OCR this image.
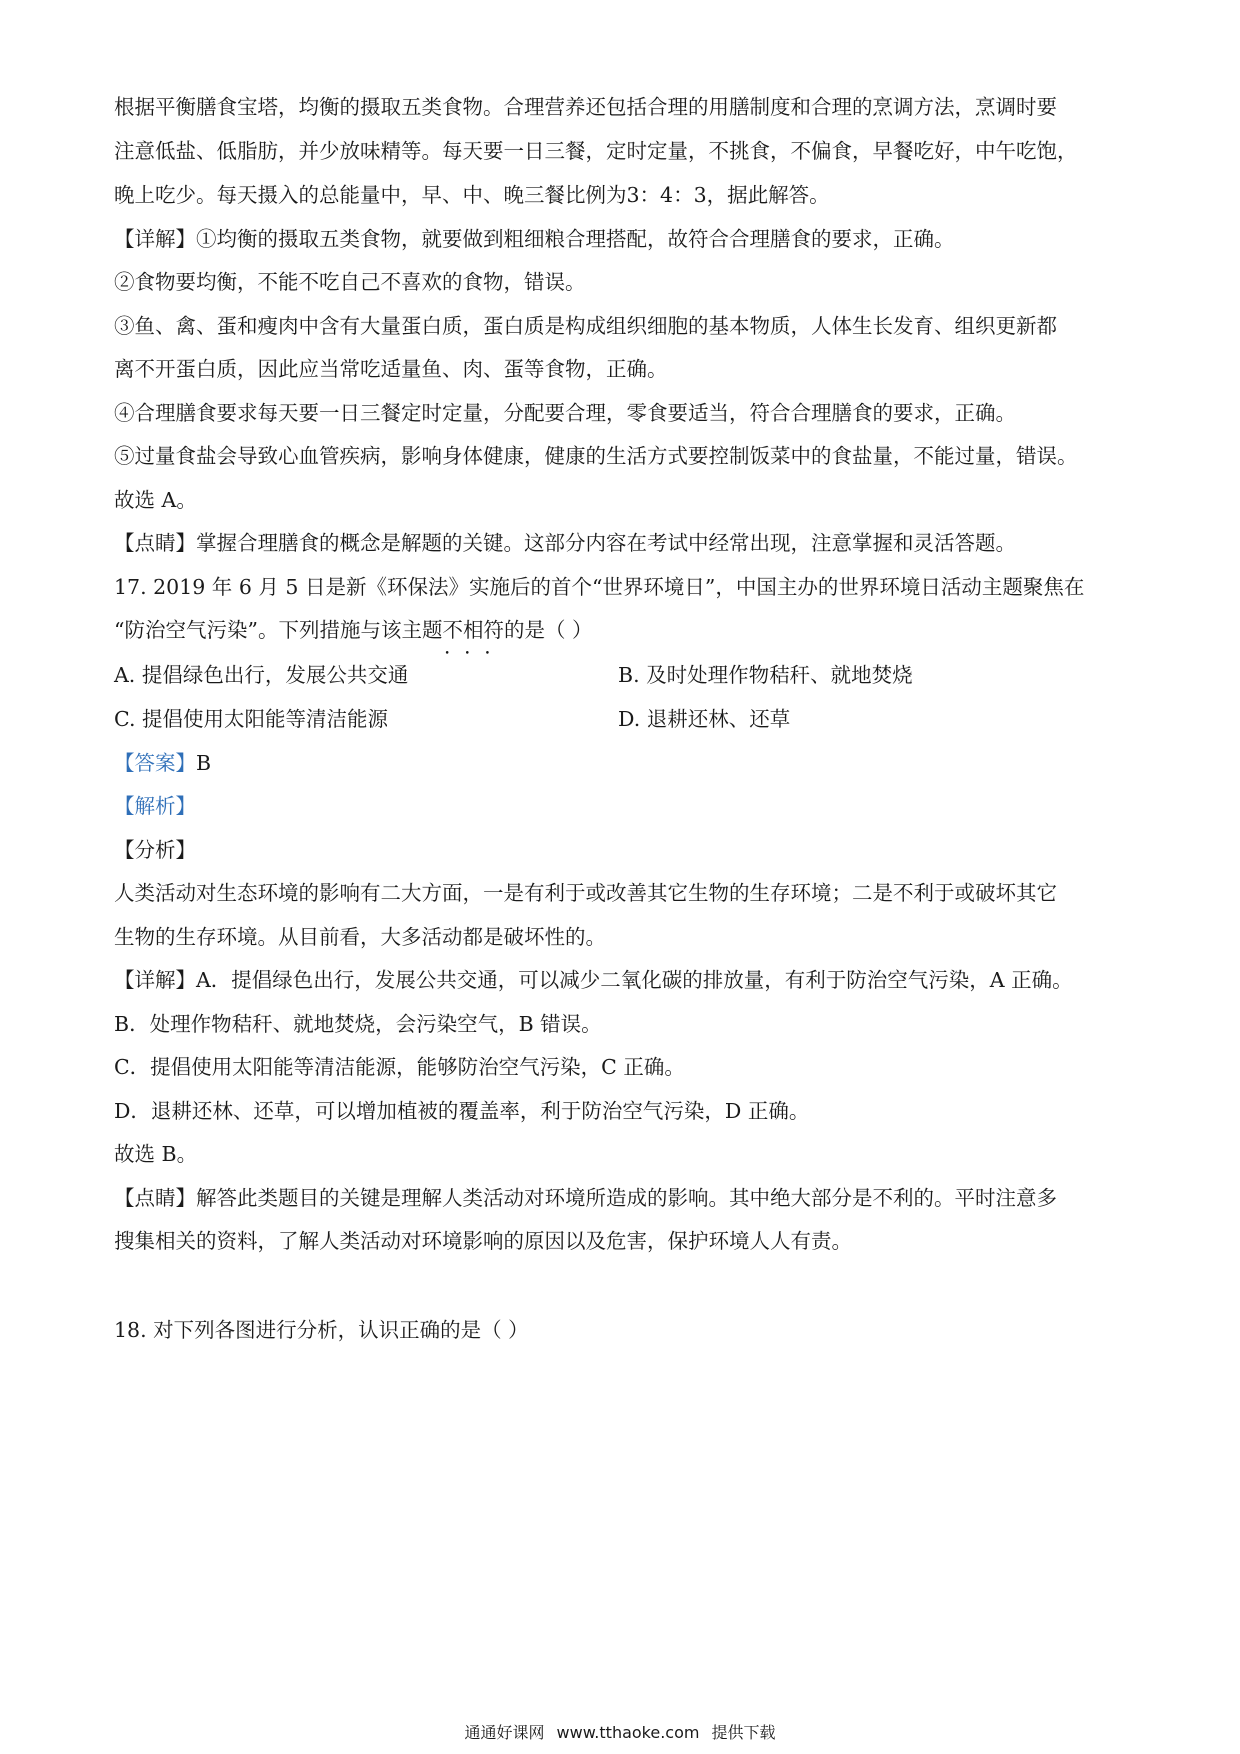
根据平衡膳食宝塔，均衡的摄取五类食物。合理营养还包括合理的用膳制度和合理的烹调方法，烹调时要
注意低盐、低脂肪，并少放味精等。每天要一日三餐，定时定量，不挑食，不偏食，早餐吃好，中午吃饱，
晚上吃少。每天摄入的总能量中，早、中、晚三餐比例为3：4：3，据此解答。
【详解】①均衡的摄取五类食物，就要做到粗细粮合理搭配，故符合合理膳食的要求，正确。
②食物要均衡，不能不吃自己不喜欢的食物，错误。
③鱼、禽、蛋和瘦肉中含有大量蛋白质，蛋白质是构成组织细胞的基本物质，人体生长发育、组织更新都
离不开蛋白质，因此应当常吃适量鱼、肉、蛋等食物，正确。
④合理膳食要求每天要一日三餐定时定量，分配要合理，零食要适当，符合合理膳食的要求，正确。
⑤过量食盐会导致心血管疾病，影响身体健康，健康的生活方式要控制饭菜中的食盐量，不能过量，错误。
故选 A。
【点睛】掌握合理膳食的概念是解题的关键。这部分内容在考试中经常出现，注意掌握和灵活答题。
17. 2019 年 6 月 5 日是新《环保法》实施后的首个“世界环境日”，中国主办的世界环境日活动主题聚焦在
“防治空气污染”。下列措施与该主题不相符 • • •的是（ ）
A. 提倡绿色出行，发展公共交通	B. 及时处理作物秸秆、就地焚烧
C. 提倡使用太阳能等清洁能源	D. 退耕还林、还草
【答案】B
【解析】
【分析】
人类活动对生态环境的影响有二大方面，一是有利于或改善其它生物的生存环境；二是不利于或破坏其它
生物的生存环境。从目前看，大多活动都是破坏性的。
【详解】A．提倡绿色出行，发展公共交通，可以减少二氧化碳的排放量，有利于防治空气污染，A 正确。
B．处理作物秸秆、就地焚烧，会污染空气，B 错误。
C．提倡使用太阳能等清洁能源，能够防治空气污染，C 正确。
D．退耕还林、还草，可以增加植被的覆盖率，利于防治空气污染，D 正确。
故选 B。
【点睛】解答此类题目的关键是理解人类活动对环境所造成的影响。其中绝大部分是不利的。平时注意多
搜集相关的资料，了解人类活动对环境影响的原因以及危害，保护环境人人有责。
18. 对下列各图进行分析，认识正确的是（ ）
通通好课网 www.tthaoke.com 提供下载
